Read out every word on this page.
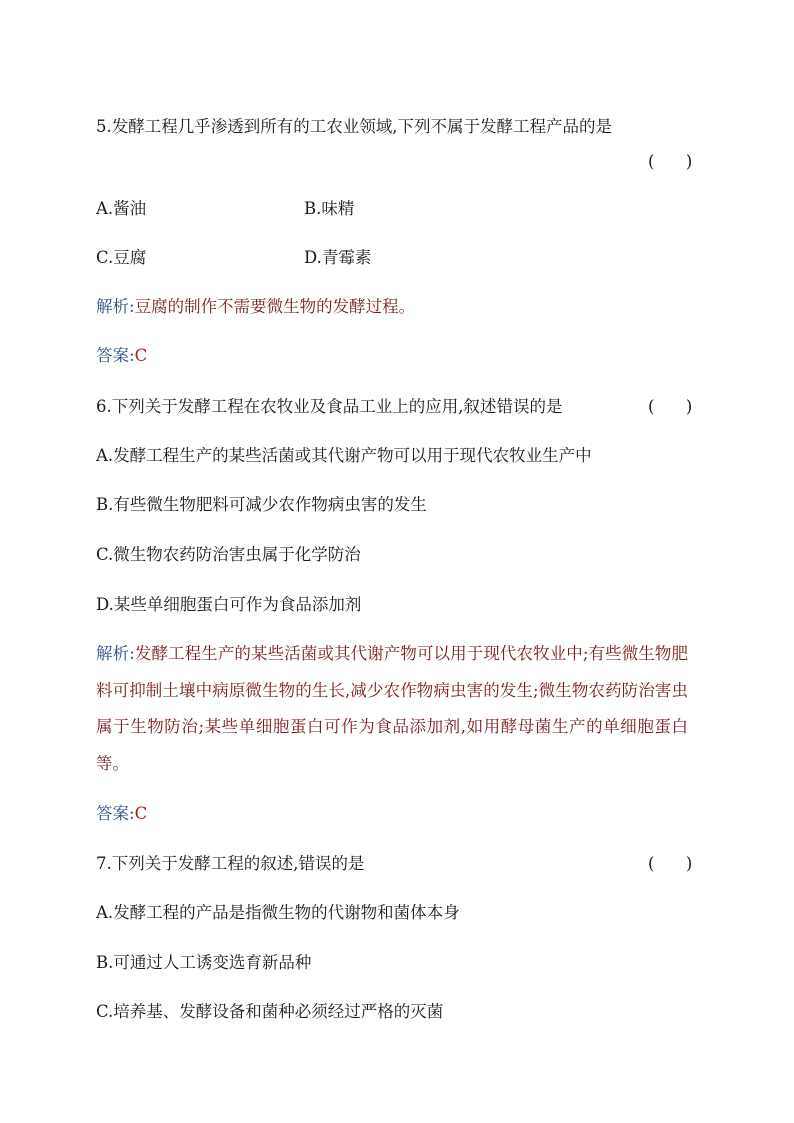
5.发酵工程几乎渗透到所有的工农业领域,下列不属于发酵工程产品的是
(      )
A.酱油	B.味精
C.豆腐	D.青霉素
解析:豆腐的制作不需要微生物的发酵过程。
答案:C
6.下列关于发酵工程在农牧业及食品工业上的应用,叙述错误的是	(      )
A.发酵工程生产的某些活菌或其代谢产物可以用于现代农牧业生产中
B.有些微生物肥料可减少农作物病虫害的发生
C.微生物农药防治害虫属于化学防治
D.某些单细胞蛋白可作为食品添加剂
解析:发酵工程生产的某些活菌或其代谢产物可以用于现代农牧业中;有些微生物肥料可抑制土壤中病原微生物的生长,减少农作物病虫害的发生;微生物农药防治害虫属于生物防治;某些单细胞蛋白可作为食品添加剂,如用酵母菌生产的单细胞蛋白等。
答案:C
7.下列关于发酵工程的叙述,错误的是	(      )
A.发酵工程的产品是指微生物的代谢物和菌体本身
B.可通过人工诱变选育新品种
C.培养基、发酵设备和菌种必须经过严格的灭菌
